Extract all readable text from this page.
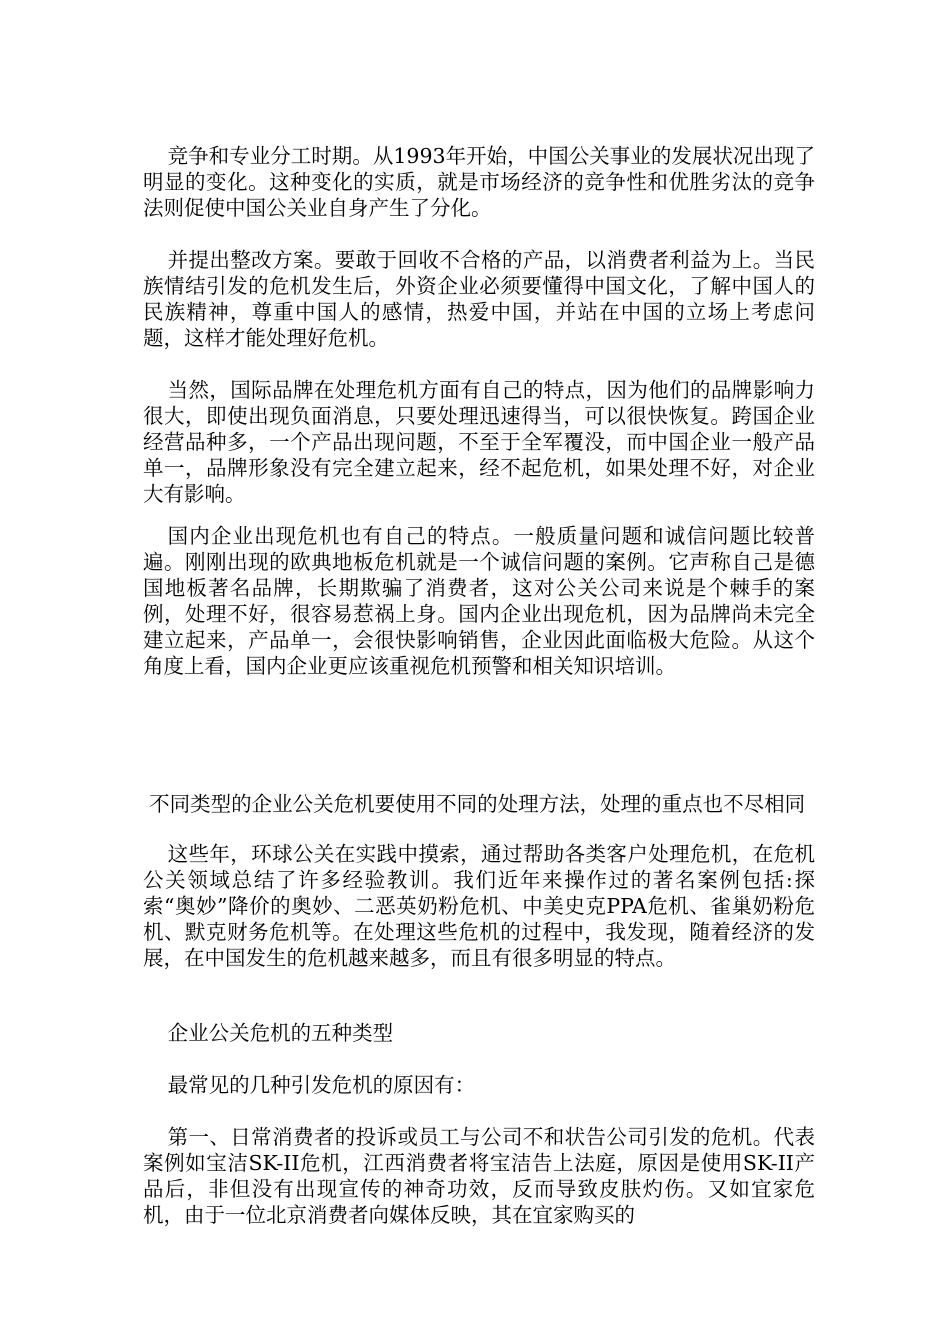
竞争和专业分工时期。从1993年开始，中国公关事业的发展状况出现了明显的变化。这种变化的实质，就是市场经济的竞争性和优胜劣汰的竞争法则促使中国公关业自身产生了分化。

并提出整改方案。要敢于回收不合格的产品，以消费者利益为上。当民族情结引发的危机发生后，外资企业必须要懂得中国文化，了解中国人的民族精神，尊重中国人的感情，热爱中国，并站在中国的立场上考虑问题，这样才能处理好危机。

当然，国际品牌在处理危机方面有自己的特点，因为他们的品牌影响力很大，即使出现负面消息，只要处理迅速得当，可以很快恢复。跨国企业经营品种多，一个产品出现问题，不至于全军覆没，而中国企业一般产品单一，品牌形象没有完全建立起来，经不起危机，如果处理不好，对企业大有影响。

国内企业出现危机也有自己的特点。一般质量问题和诚信问题比较普遍。刚刚出现的欧典地板危机就是一个诚信问题的案例。它声称自己是德国地板著名品牌，长期欺骗了消费者，这对公关公司来说是个棘手的案例，处理不好，很容易惹祸上身。国内企业出现危机，因为品牌尚未完全建立起来，产品单一，会很快影响销售，企业因此面临极大危险。从这个角度上看，国内企业更应该重视危机预警和相关知识培训。

不同类型的企业公关危机要使用不同的处理方法，处理的重点也不尽相同

这些年，环球公关在实践中摸索，通过帮助各类客户处理危机，在危机公关领域总结了许多经验教训。我们近年来操作过的著名案例包括:探索“奥妙”降价的奥妙、二恶英奶粉危机、中美史克PPA危机、雀巢奶粉危机、默克财务危机等。在处理这些危机的过程中，我发现，随着经济的发展，在中国发生的危机越来越多，而且有很多明显的特点。

企业公关危机的五种类型

最常见的几种引发危机的原因有：

第一、日常消费者的投诉或员工与公司不和状告公司引发的危机。代表案例如宝洁SK-II危机，江西消费者将宝洁告上法庭，原因是使用SK-II产品后，非但没有出现宣传的神奇功效，反而导致皮肤灼伤。又如宜家危机，由于一位北京消费者向媒体反映，其在宜家购买的
